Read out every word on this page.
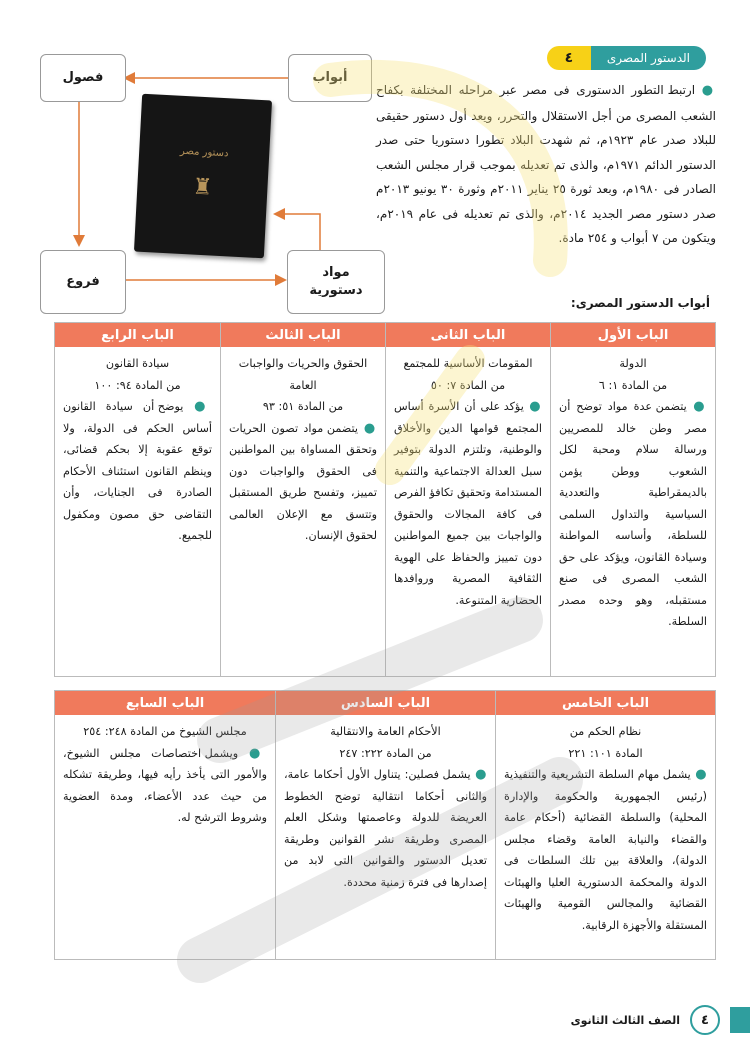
٤	الدستور المصرى
● ارتبط التطور الدستورى فى مصر عبر مراحله المختلفة بكفاح الشعب المصرى من أجل الاستقلال والتحرر، ويعد أول دستور حقيقى للبلاد صدر عام ١٩٢٣م، ثم شهدت البلاد تطورا دستوريا حتى صدر الدستور الدائم ١٩٧١م، والذى تم تعديله بموجب قرار مجلس الشعب الصادر فى ١٩٨٠م، وبعد ثورة ٢٥ يناير ٢٠١١م وثورة ٣٠ يونيو ٢٠١٣م صدر دستور مصر الجديد ٢٠١٤م، والذى تم تعديله فى عام ٢٠١٩م، ويتكون من ٧ أبواب و ٢٥٤ مادة.
أبواب
فصول
فروع
مواد دستورية
دستور مصر
♜
أبواب الدستور المصرى:
الباب الأول
الدولة
من المادة ١: ٦
● يتضمن عدة مواد توضح أن مصر وطن خالد للمصريين ورسالة سلام ومحبة لكل الشعوب ووطن يؤمن بالديمقراطية والتعددية السياسية والتداول السلمى للسلطة، وأساسه المواطنة وسيادة القانون، ويؤكد على حق الشعب المصرى فى صنع مستقبله، وهو وحده مصدر السلطة.
الباب الثانى
المقومات الأساسية للمجتمع
من المادة ٧: ٥٠
● يؤكد على أن الأسرة أساس المجتمع قوامها الدين والأخلاق والوطنية، وتلتزم الدولة بتوفير سبل العدالة الاجتماعية والتنمية المستدامة وتحقيق تكافؤ الفرص فى كافة المجالات والحقوق والواجبات بين جميع المواطنين دون تمييز والحفاظ على الهوية الثقافية المصرية وروافدها الحضارية المتنوعة.
الباب الثالث
الحقوق والحريات والواجبات العامة
من المادة ٥١: ٩٣
● يتضمن مواد تصون الحريات وتحقق المساواة بين المواطنين فى الحقوق والواجبات دون تمييز، وتفسح طريق المستقبل وتتسق مع الإعلان العالمى لحقوق الإنسان.
الباب الرابع
سيادة القانون
من المادة ٩٤: ١٠٠
● يوضح أن سيادة القانون أساس الحكم فى الدولة، ولا توقع عقوبة إلا بحكم قضائى، وينظم القانون استئناف الأحكام الصادرة فى الجنايات، وأن التقاضى حق مصون ومكفول للجميع.
الباب الخامس
نظام الحكم من
المادة ١٠١: ٢٢١
● يشمل مهام السلطة التشريعية والتنفيذية (رئيس الجمهورية والحكومة والإدارة المحلية) والسلطة القضائية (أحكام عامة والقضاء والنيابة العامة وقضاء مجلس الدولة)، والعلاقة بين تلك السلطات فى الدولة والمحكمة الدستورية العليا والهيئات القضائية والمجالس القومية والهيئات المستقلة والأجهزة الرقابية.
الباب السادس
الأحكام العامة والانتقالية
من المادة ٢٢٢: ٢٤٧
● يشمل فصلين: يتناول الأول أحكاما عامة، والثانى أحكاما انتقالية توضح الخطوط العريضة للدولة وعاصمتها وشكل العلم المصرى وطريقة نشر القوانين وطريقة تعديل الدستور والقوانين التى لابد من إصدارها فى فترة زمنية محددة.
الباب السابع
مجلس الشيوخ من المادة ٢٤٨: ٢٥٤
● ويشمل اختصاصات مجلس الشيوخ، والأمور التى يأخذ رأيه فيها، وطريقة تشكله من حيث عدد الأعضاء، ومدة العضوية وشروط الترشح له.
٤
الصف الثالث الثانوى
